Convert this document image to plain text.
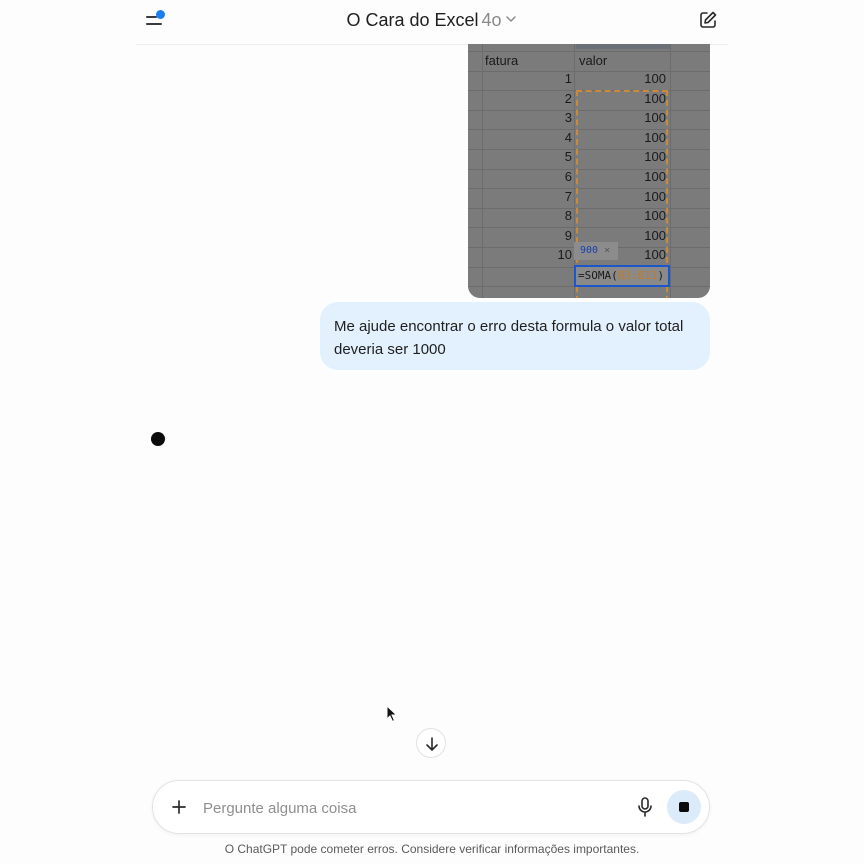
O Cara do Excel 4o
fatura	valor
1	100
2	100
3	100
4	100
5	100
6	100
7	100
8	100
9	100
10	100
900 ×
=SOMA(B3:B11)
Me ajude encontrar o erro desta formula o valor total deveria ser 1000
Pergunte alguma coisa
O ChatGPT pode cometer erros. Considere verificar informações importantes.
